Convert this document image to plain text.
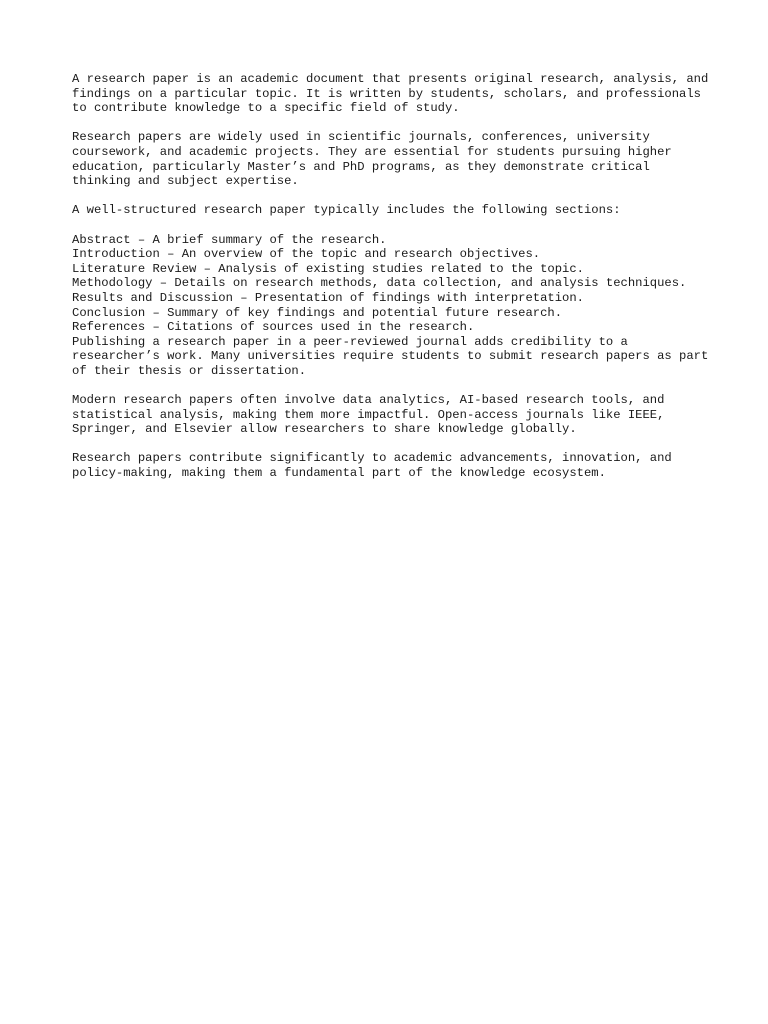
A research paper is an academic document that presents original research, analysis, and findings on a particular topic. It is written by students, scholars, and professionals to contribute knowledge to a specific field of study.

Research papers are widely used in scientific journals, conferences, university coursework, and academic projects. They are essential for students pursuing higher education, particularly Master’s and PhD programs, as they demonstrate critical thinking and subject expertise.

A well-structured research paper typically includes the following sections:

Abstract – A brief summary of the research.

Introduction – An overview of the topic and research objectives.

Literature Review – Analysis of existing studies related to the topic.

Methodology – Details on research methods, data collection, and analysis techniques.

Results and Discussion – Presentation of findings with interpretation.

Conclusion – Summary of key findings and potential future research.

References – Citations of sources used in the research.

Publishing a research paper in a peer-reviewed journal adds credibility to a researcher’s work. Many universities require students to submit research papers as part of their thesis or dissertation.

Modern research papers often involve data analytics, AI-based research tools, and statistical analysis, making them more impactful. Open-access journals like IEEE, Springer, and Elsevier allow researchers to share knowledge globally.

Research papers contribute significantly to academic advancements, innovation, and policy-making, making them a fundamental part of the knowledge ecosystem.
